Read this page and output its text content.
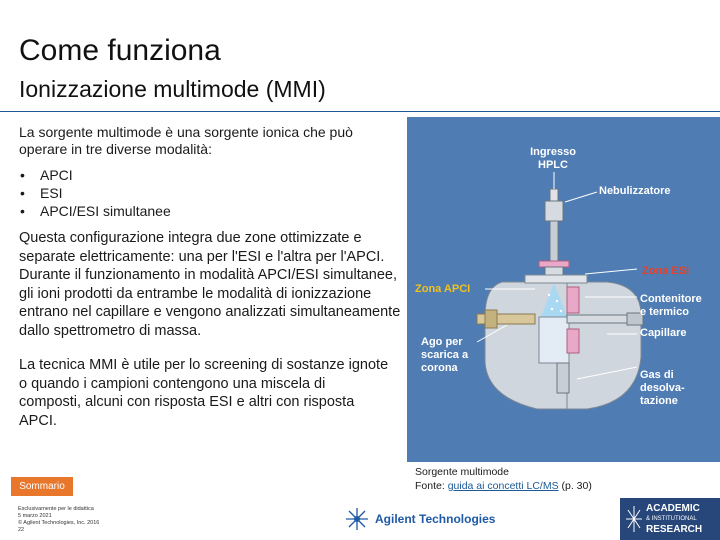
Come funziona
Ionizzazione multimode (MMI)
La sorgente multimode è una sorgente ionica che può operare in tre diverse modalità:
• APCI
• ESI
• APCI/ESI simultanee

Questa configurazione integra due zone ottimizzate e separate elettricamente: una per l'ESI e l'altra per l'APCI. Durante il funzionamento in modalità APCI/ESI simultanee, gli ioni prodotti da entrambe le modalità di ionizzazione entrano nel capillare e vengono analizzati simultaneamente dallo spettrometro di massa.

La tecnica MMI è utile per lo screening di sostanze ignote o quando i campioni contengono una miscela di composti, alcuni con risposta ESI e altri con risposta APCI.

Ingresso HPLC
Nebulizzatore
Zona ESI
Zona APCI
Contenitore e termico
Capillare
Ago per scarica a corona
Gas di desolva- tazione
Sorgente multimode
Fonte: guida ai concetti LC/MS (p. 30)
Sommario
Esclusivamente per le didattica
5 marzo 2021
© Agilent Technologies, Inc. 2016
22
Agilent Technologies
ACADEMIC
& INSTITUTIONAL
RESEARCH
